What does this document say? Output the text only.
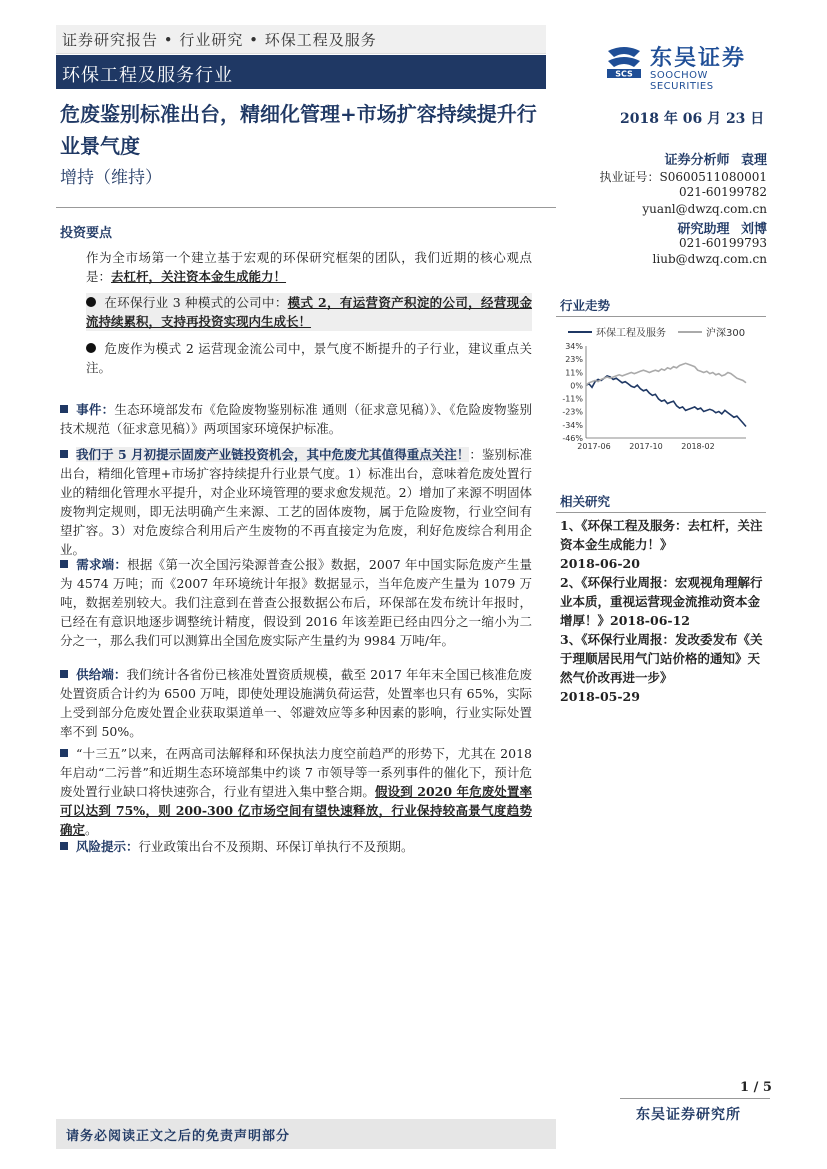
证券研究报告 • 行业研究 • 环保工程及服务
环保工程及服务行业	SCS
东吴证券
SOOCHOW SECURITIES
危废鉴别标准出台，精细化管理+市场扩容持续提升行业景气度
增持（维持）
2018 年 06 月 23 日
证券分析师 袁理
执业证号：S0600511080001
021-60199782
yuanl@dwzq.com.cn
研究助理 刘博
021-60199793
liub@dwzq.com.cn
投资要点
作为全市场第一个建立基于宏观的环保研究框架的团队，我们近期的核心观点是：去杠杆，关注资本金生成能力！
在环保行业 3 种模式的公司中：模式 2，有运营资产积淀的公司，经营现金流持续累积，支持再投资实现内生成长！
危废作为模式 2 运营现金流公司中，景气度不断提升的子行业，建议重点关注。
事件：生态环境部发布《危险废物鉴别标准 通则（征求意见稿）》、《危险废物鉴别技术规范（征求意见稿）》两项国家环境保护标准。
我们于 5 月初提示固废产业链投资机会，其中危废尤其值得重点关注！：鉴别标准出台，精细化管理+市场扩容持续提升行业景气度。1）标准出台，意味着危废处置行业的精细化管理水平提升，对企业环境管理的要求愈发规范。2）增加了来源不明固体废物判定规则，即无法明确产生来源、工艺的固体废物，属于危险废物，行业空间有望扩容。3）对危废综合利用后产生废物的不再直接定为危废，利好危废综合利用企业。
需求端：根据《第一次全国污染源普查公报》数据，2007 年中国实际危废产生量为 4574 万吨；而《2007 年环境统计年报》数据显示，当年危废产生量为 1079 万吨，数据差别较大。我们注意到在普查公报数据公布后，环保部在发布统计年报时，已经在有意识地逐步调整统计精度，假设到 2016 年该差距已经由四分之一缩小为二分之一，那么我们可以测算出全国危废实际产生量约为 9984 万吨/年。
供给端：我们统计各省份已核准处置资质规模，截至 2017 年年末全国已核准危废处置资质合计约为 6500 万吨，即使处理设施满负荷运营，处置率也只有 65%，实际上受到部分危废处置企业获取渠道单一、邻避效应等多种因素的影响，行业实际处置率不到 50%。
“十三五”以来，在两高司法解释和环保执法力度空前趋严的形势下，尤其在 2018 年启动“二污普”和近期生态环境部集中约谈 7 市领导等一系列事件的催化下，预计危废处置行业缺口将快速弥合，行业有望进入集中整合期。假设到 2020 年危废处置率可以达到 75%，则 200-300 亿市场空间有望快速释放，行业保持较高景气度趋势确定。
风险提示：行业政策出台不及预期、环保订单执行不及预期。
行业走势
环保工程及服务	沪深300
34%
23%
11%
0%
-11%
-23%
-34%
-46%
2017-06 2017-10 2018-02
相关研究
1、《环保工程及服务：去杠杆，关注资本金生成能力！》
2018-06-20
2、《环保行业周报：宏观视角理解行业本质，重视运营现金流推动资本金增厚！》2018-06-12
3、《环保行业周报：发改委发布《关于理顺居民用气门站价格的通知》天然气价改再进一步》
2018-05-29
1 / 5
东吴证券研究所
请务必阅读正文之后的免责声明部分
